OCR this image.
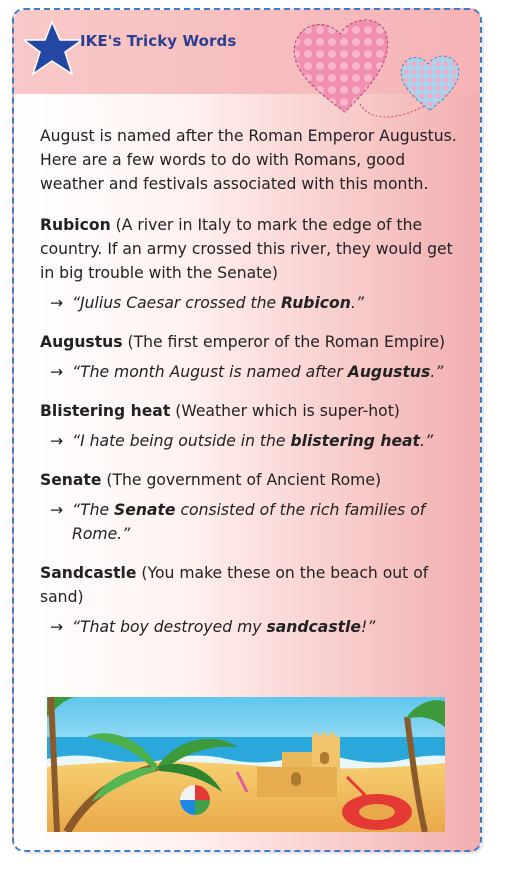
IKE's Tricky Words

August is named after the Roman Emperor Augustus. Here are a few words to do with Romans, good weather and festivals associated with this month.

Rubicon (A river in Italy to mark the edge of the country. If an army crossed this river, they would get in big trouble with the Senate)
→ “Julius Caesar crossed the Rubicon.”
Augustus (The first emperor of the Roman Empire)
→ “The month August is named after Augustus.”
Blistering heat (Weather which is super-hot)
→ “I hate being outside in the blistering heat.”
Senate (The government of Ancient Rome)
→ “The Senate consisted of the rich families of Rome.”
Sandcastle (You make these on the beach out of sand)
→ “That boy destroyed my sandcastle!”
